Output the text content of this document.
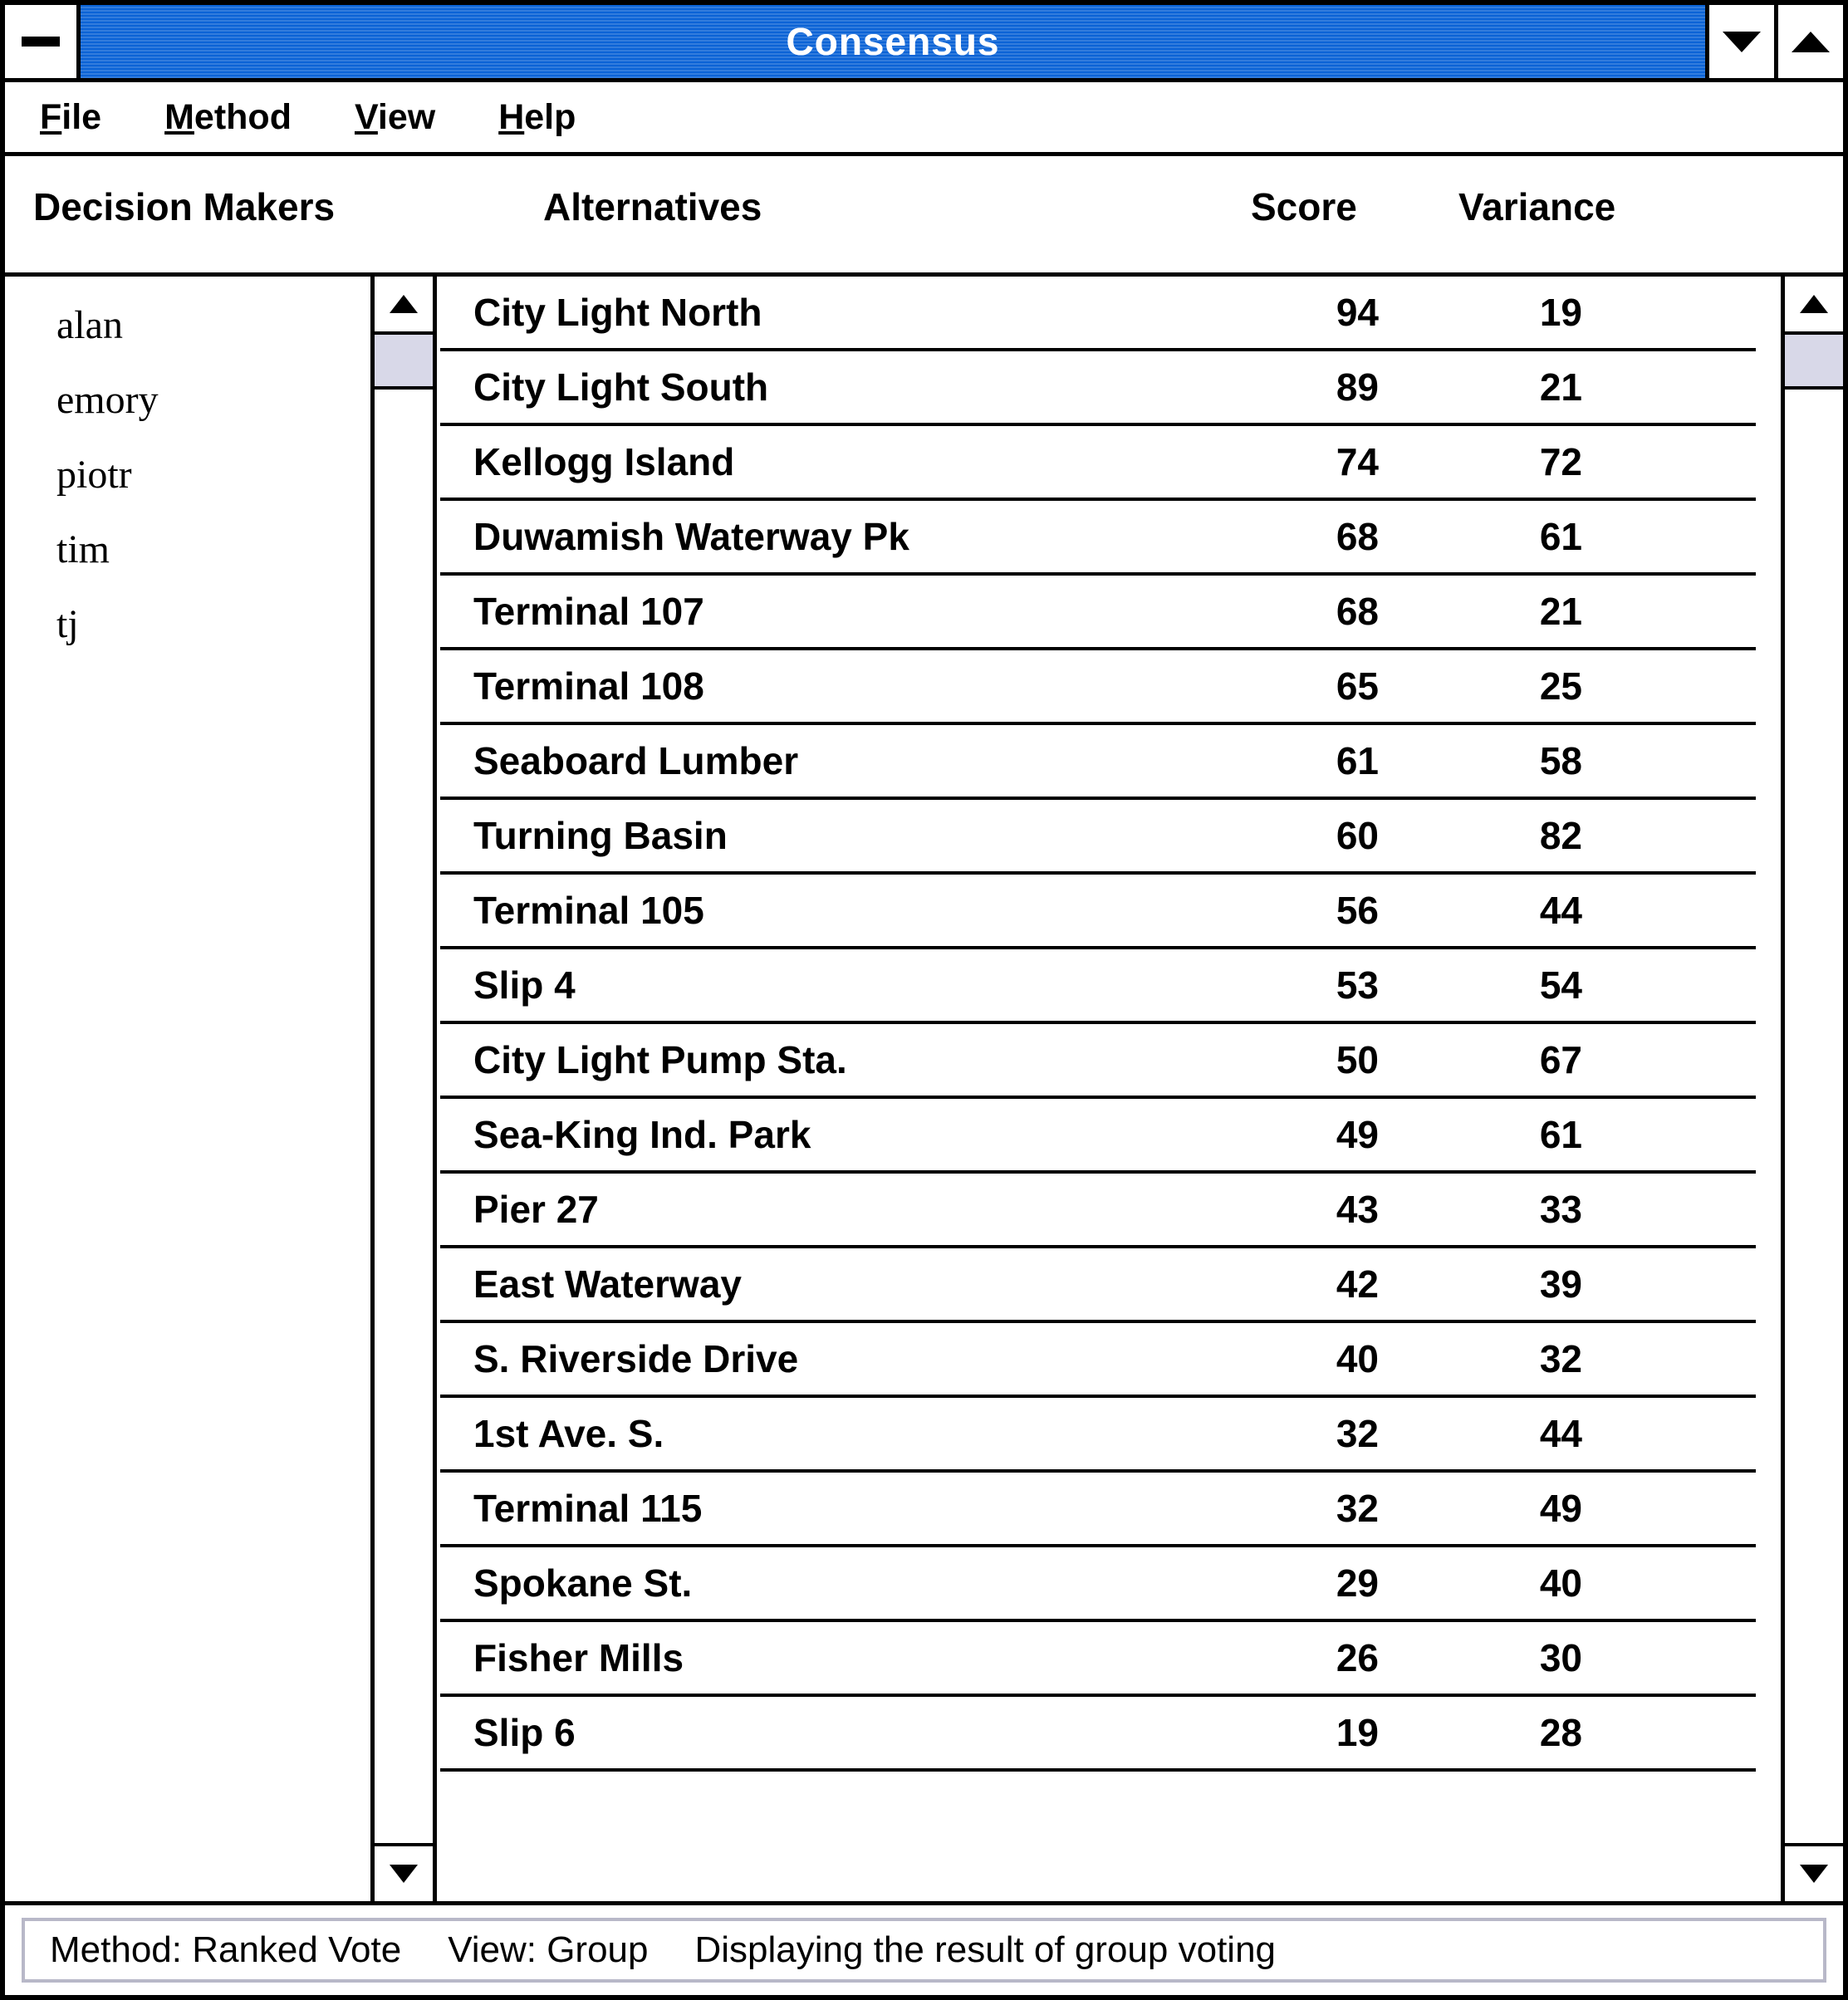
Consensus
File Method View Help
Decision Makers	Alternatives	Score	Variance
alan
emory
piotr
tim
tj
City Light North	94	19
City Light South	89	21
Kellogg Island	74	72
Duwamish Waterway Pk	68	61
Terminal 107	68	21
Terminal 108	65	25
Seaboard Lumber	61	58
Turning Basin	60	82
Terminal 105	56	44
Slip 4	53	54
City Light Pump Sta.	50	67
Sea-King Ind. Park	49	61
Pier 27	43	33
East Waterway	42	39
S. Riverside Drive	40	32
1st Ave. S.	32	44
Terminal 115	32	49
Spokane St.	29	40
Fisher Mills	26	30
Slip 6	19	28
Method: Ranked Vote View: Group Displaying the result of group voting
